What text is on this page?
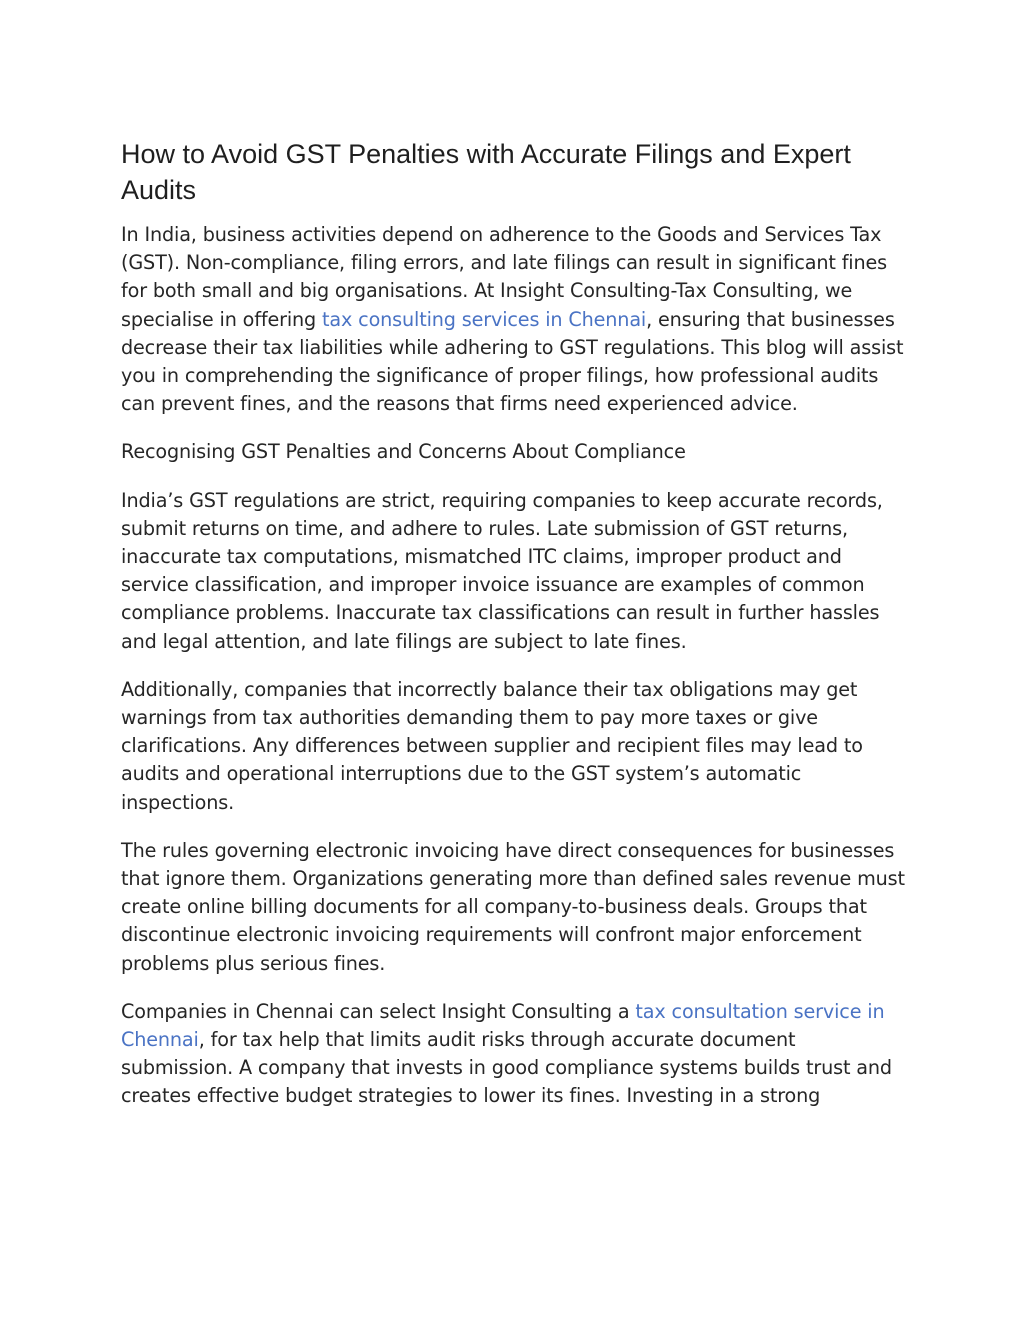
How to Avoid GST Penalties with Accurate Filings and Expert Audits

In India, business activities depend on adherence to the Goods and Services Tax (GST). Non-compliance, filing errors, and late filings can result in significant fines for both small and big organisations. At Insight Consulting-Tax Consulting, we specialise in offering tax consulting services in Chennai, ensuring that businesses decrease their tax liabilities while adhering to GST regulations. This blog will assist you in comprehending the significance of proper filings, how professional audits can prevent fines, and the reasons that firms need experienced advice.

Recognising GST Penalties and Concerns About Compliance

India’s GST regulations are strict, requiring companies to keep accurate records, submit returns on time, and adhere to rules. Late submission of GST returns, inaccurate tax computations, mismatched ITC claims, improper product and service classification, and improper invoice issuance are examples of common compliance problems. Inaccurate tax classifications can result in further hassles and legal attention, and late filings are subject to late fines.

Additionally, companies that incorrectly balance their tax obligations may get warnings from tax authorities demanding them to pay more taxes or give clarifications. Any differences between supplier and recipient files may lead to audits and operational interruptions due to the GST system’s automatic inspections.

The rules governing electronic invoicing have direct consequences for businesses that ignore them. Organizations generating more than defined sales revenue must create online billing documents for all company-to-business deals. Groups that discontinue electronic invoicing requirements will confront major enforcement problems plus serious fines.

Companies in Chennai can select Insight Consulting a tax consultation service in Chennai, for tax help that limits audit risks through accurate document submission. A company that invests in good compliance systems builds trust and creates effective budget strategies to lower its fines. Investing in a strong
